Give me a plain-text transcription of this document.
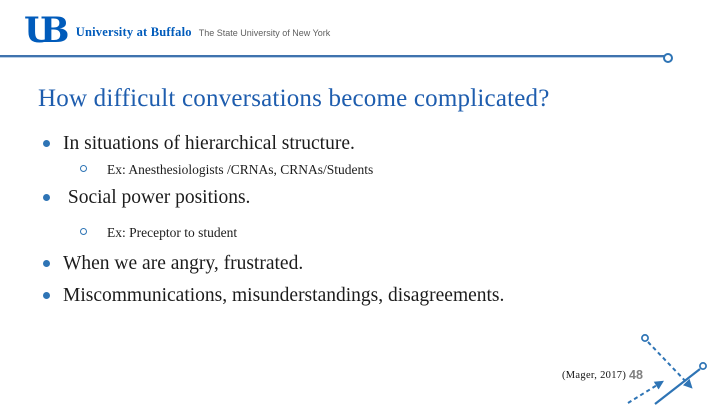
UB	University at Buffalo The State University of New York
How difficult conversations become complicated?
In situations of hierarchical structure.
Ex: Anesthesiologists /CRNAs, CRNAs/Students
Social power positions.
Ex: Preceptor to student
When we are angry, frustrated.
Miscommunications, misunderstandings, disagreements.
(Mager, 2017) 48
